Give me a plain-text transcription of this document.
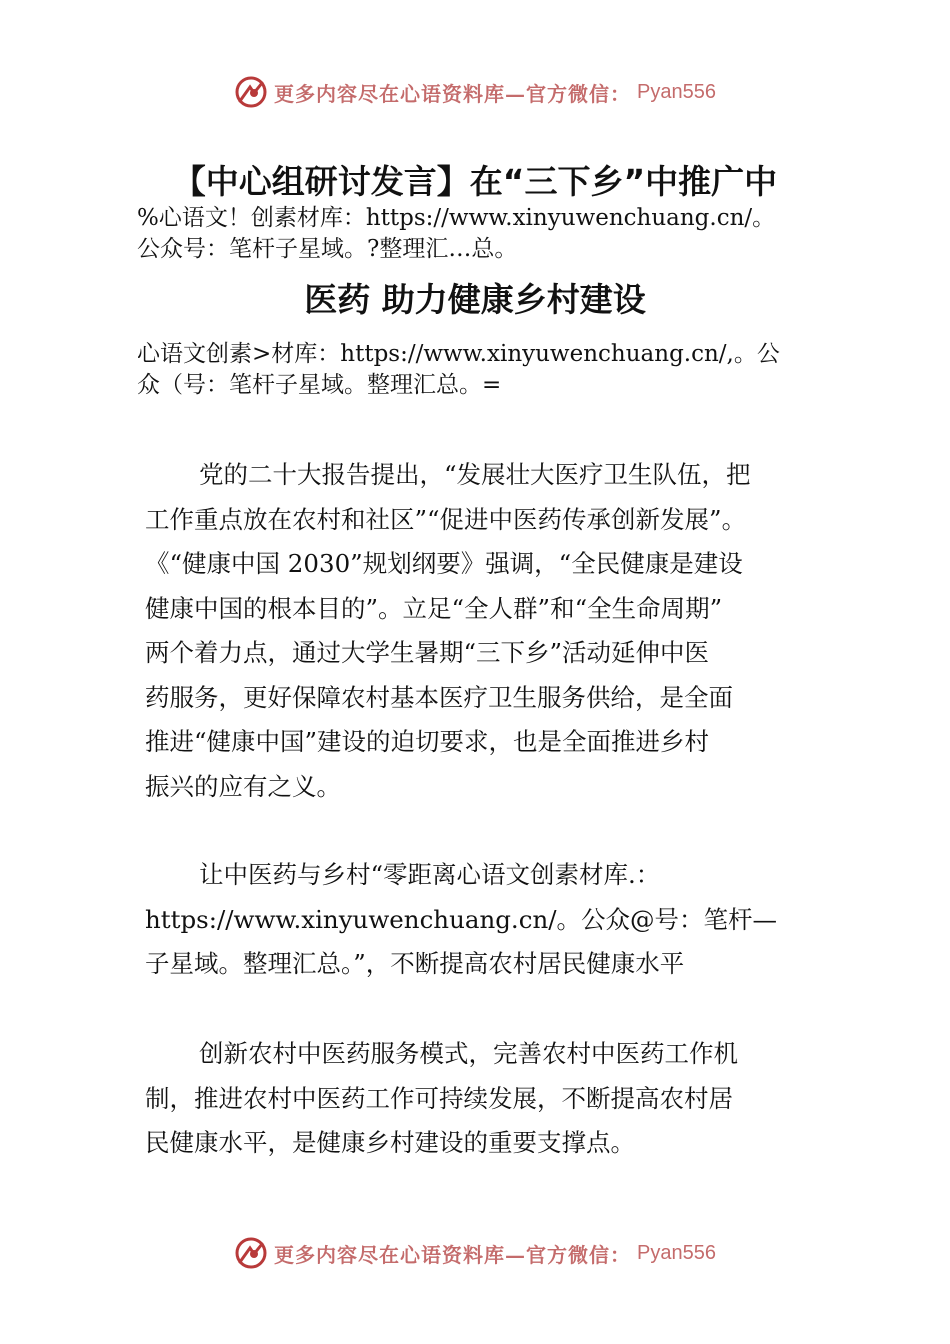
更多内容尽在心语资料库—官方微信： Pyan556
【中心组研讨发言】在“三下乡”中推广中
%心语文！创素材库：https://www.xinyuwenchuang.cn/。
公众号：笔杆子星域。?整理汇…总。
医药 助力健康乡村建设
心语文创素>材库：https://www.xinyuwenchuang.cn/,。公
众（号：笔杆子星域。整理汇总。=
党的二十大报告提出，“发展壮大医疗卫生队伍，把
工作重点放在农村和社区”“促进中医药传承创新发展”。
《“健康中国 2030”规划纲要》强调，“全民健康是建设
健康中国的根本目的”。立足“全人群”和“全生命周期”
两个着力点，通过大学生暑期“三下乡”活动延伸中医
药服务，更好保障农村基本医疗卫生服务供给，是全面
推进“健康中国”建设的迫切要求，也是全面推进乡村
振兴的应有之义。
让中医药与乡村“零距离心语文创素材库.：
https://www.xinyuwenchuang.cn/。公众@号：笔杆—
子星域。整理汇总。”，不断提高农村居民健康水平
创新农村中医药服务模式，完善农村中医药工作机
制，推进农村中医药工作可持续发展，不断提高农村居
民健康水平，是健康乡村建设的重要支撑点。
更多内容尽在心语资料库—官方微信： Pyan556
